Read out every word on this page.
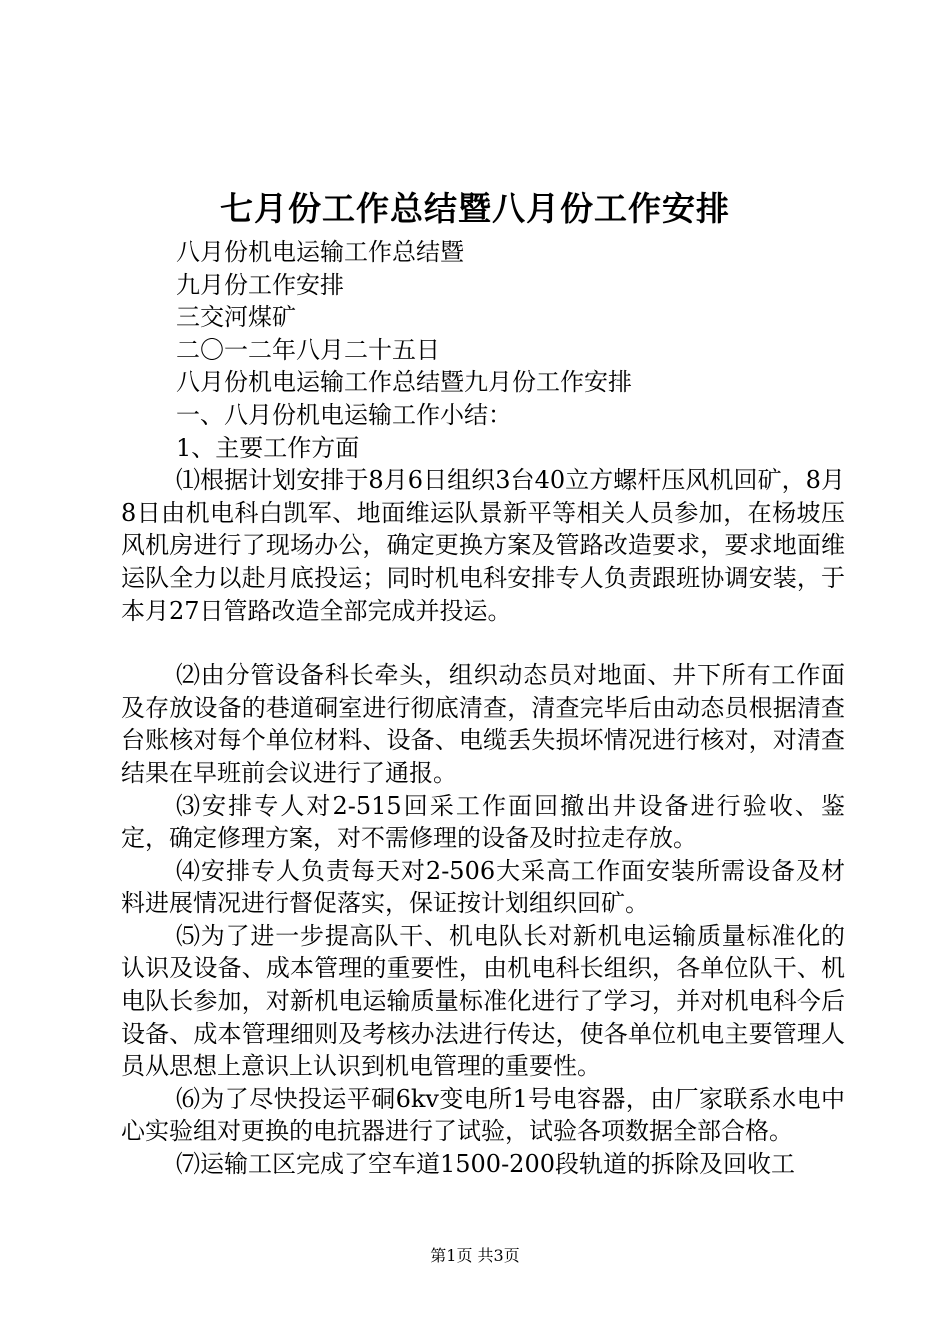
七月份工作总结暨八月份工作安排

八月份机电运输工作总结暨

九月份工作安排

三交河煤矿

二〇一二年八月二十五日

八月份机电运输工作总结暨九月份工作安排

一、八月份机电运输工作小结：

1、主要工作方面

⑴根据计划安排于8月6日组织3台40立方螺杆压风机回矿，8月8日由机电科白凯军、地面维运队景新平等相关人员参加，在杨坡压风机房进行了现场办公，确定更换方案及管路改造要求，要求地面维运队全力以赴月底投运；同时机电科安排专人负责跟班协调安装，于本月27日管路改造全部完成并投运。

⑵由分管设备科长牵头，组织动态员对地面、井下所有工作面及存放设备的巷道硐室进行彻底清查，清查完毕后由动态员根据清查台账核对每个单位材料、设备、电缆丢失损坏情况进行核对，对清查结果在早班前会议进行了通报。

⑶安排专人对2-515回采工作面回撤出井设备进行验收、鉴定，确定修理方案，对不需修理的设备及时拉走存放。

⑷安排专人负责每天对2-506大采高工作面安装所需设备及材料进展情况进行督促落实，保证按计划组织回矿。

⑸为了进一步提高队干、机电队长对新机电运输质量标准化的认识及设备、成本管理的重要性，由机电科长组织，各单位队干、机电队长参加，对新机电运输质量标准化进行了学习，并对机电科今后设备、成本管理细则及考核办法进行传达，使各单位机电主要管理人员从思想上意识上认识到机电管理的重要性。

⑹为了尽快投运平硐6kv变电所1号电容器，由厂家联系水电中心实验组对更换的电抗器进行了试验，试验各项数据全部合格。

⑺运输工区完成了空车道1500-200段轨道的拆除及回收工

第1页 共3页
